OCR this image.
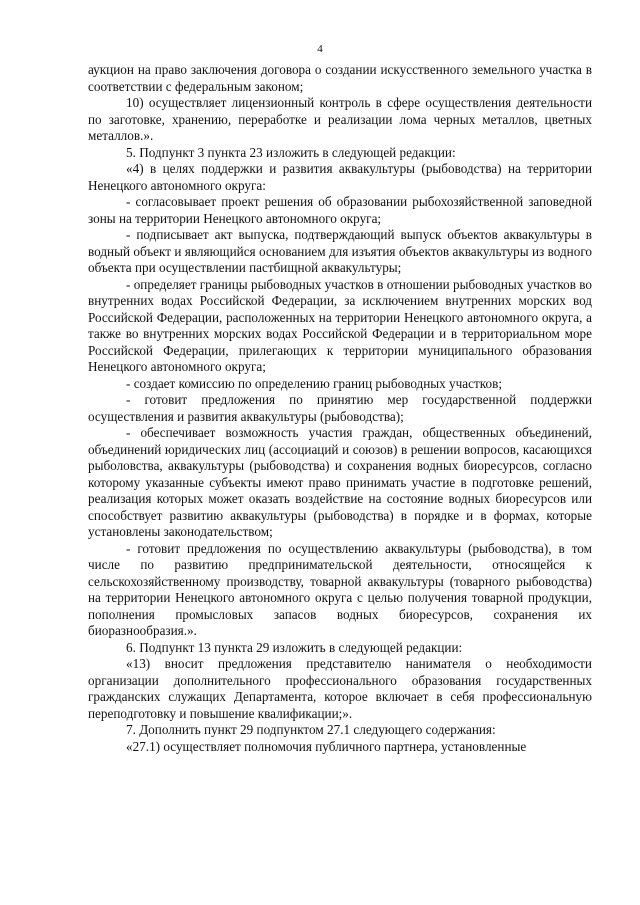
4

аукцион на право заключения договора о создании искусственного земельного участка в соответствии с федеральным законом;

10) осуществляет лицензионный контроль в сфере осуществления деятельности по заготовке, хранению, переработке и реализации лома черных металлов, цветных металлов.».

5. Подпункт 3 пункта 23 изложить в следующей редакции:

«4) в целях поддержки и развития аквакультуры (рыбоводства) на территории Ненецкого автономного округа:

- согласовывает проект решения об образовании рыбохозяйственной заповедной зоны на территории Ненецкого автономного округа;

- подписывает акт выпуска, подтверждающий выпуск объектов аквакультуры в водный объект и являющийся основанием для изъятия объектов аквакультуры из водного объекта при осуществлении пастбищной аквакультуры;

- определяет границы рыбоводных участков в отношении рыбоводных участков во внутренних водах Российской Федерации, за исключением внутренних морских вод Российской Федерации, расположенных на территории Ненецкого автономного округа, а также во внутренних морских водах Российской Федерации и в территориальном море Российской Федерации, прилегающих к территории муниципального образования Ненецкого автономного округа;

- создает комиссию по определению границ рыбоводных участков;

- готовит предложения по принятию мер государственной поддержки осуществления и развития аквакультуры (рыбоводства);

- обеспечивает возможность участия граждан, общественных объединений, объединений юридических лиц (ассоциаций и союзов) в решении вопросов, касающихся рыболовства, аквакультуры (рыбоводства) и сохранения водных биоресурсов, согласно которому указанные субъекты имеют право принимать участие в подготовке решений, реализация которых может оказать воздействие на состояние водных биоресурсов или способствует развитию аквакультуры (рыбоводства) в порядке и в формах, которые установлены законодательством;

- готовит предложения по осуществлению аквакультуры (рыбоводства), в том числе по развитию предпринимательской деятельности, относящейся к сельскохозяйственному производству, товарной аквакультуры (товарного рыбоводства) на территории Ненецкого автономного округа с целью получения товарной продукции, пополнения промысловых запасов водных биоресурсов, сохранения их биоразнообразия.».

6. Подпункт 13 пункта 29 изложить в следующей редакции:

«13) вносит предложения представителю нанимателя о необходимости организации дополнительного профессионального образования государственных гражданских служащих Департамента, которое включает в себя профессиональную переподготовку и повышение квалификации;».

7. Дополнить пункт 29 подпунктом 27.1 следующего содержания:

«27.1) осуществляет полномочия публичного партнера, установленные
